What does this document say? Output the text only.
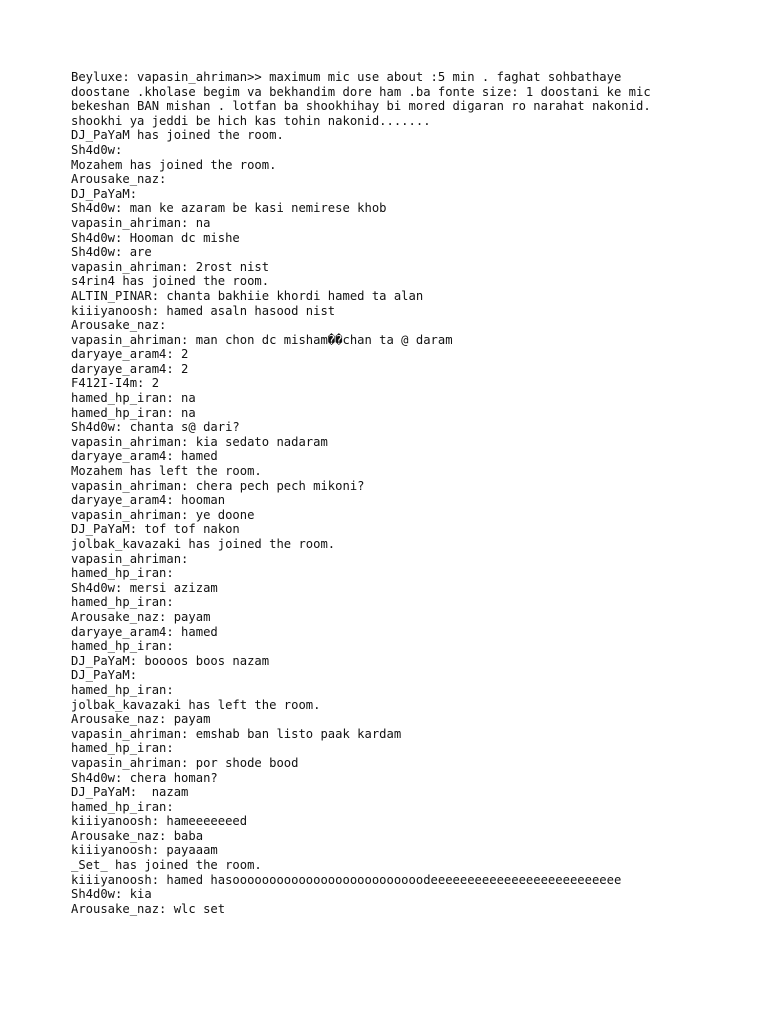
Beyluxe: vapasin_ahriman>> maximum mic use about :5 min . faghat sohbathaye
doostane .kholase begim va bekhandim dore ham .ba fonte size: 1 doostani ke mic
bekeshan BAN mishan . lotfan ba shookhihay bi mored digaran ro narahat nakonid.
shookhi ya jeddi be hich kas tohin nakonid.......
DJ_PaYaM has joined the room.
Sh4d0w:
Mozahem has joined the room.
Arousake_naz:
DJ_PaYaM:
Sh4d0w: man ke azaram be kasi nemirese khob
vapasin_ahriman: na
Sh4d0w: Hooman dc mishe
Sh4d0w: are
vapasin_ahriman: 2rost nist
s4rin4 has joined the room.
ALTIN_PINAR: chanta bakhiie khordi hamed ta alan
kiiiyanoosh: hamed asaln hasood nist
Arousake_naz:
vapasin_ahriman: man chon dc misham��chan ta @ daram
daryaye_aram4: 2
daryaye_aram4: 2
F412I-I4m: 2
hamed_hp_iran: na
hamed_hp_iran: na
Sh4d0w: chanta s@ dari?
vapasin_ahriman: kia sedato nadaram
daryaye_aram4: hamed
Mozahem has left the room.
vapasin_ahriman: chera pech pech mikoni?
daryaye_aram4: hooman
vapasin_ahriman: ye doone
DJ_PaYaM: tof tof nakon
jolbak_kavazaki has joined the room.
vapasin_ahriman:
hamed_hp_iran:
Sh4d0w: mersi azizam
hamed_hp_iran:
Arousake_naz: payam
daryaye_aram4: hamed
hamed_hp_iran:
DJ_PaYaM: boooos boos nazam
DJ_PaYaM:
hamed_hp_iran:
jolbak_kavazaki has left the room.
Arousake_naz: payam
vapasin_ahriman: emshab ban listo paak kardam
hamed_hp_iran:
vapasin_ahriman: por shode bood
Sh4d0w: chera homan?
DJ_PaYaM:  nazam
hamed_hp_iran:
kiiiyanoosh: hameeeeeeed
Arousake_naz: baba
kiiiyanoosh: payaaam
_Set_ has joined the room.
kiiiyanoosh: hamed hasoooooooooooooooooooooooooodeeeeeeeeeeeeeeeeeeeeeeeeee
Sh4d0w: kia
Arousake_naz: wlc set
